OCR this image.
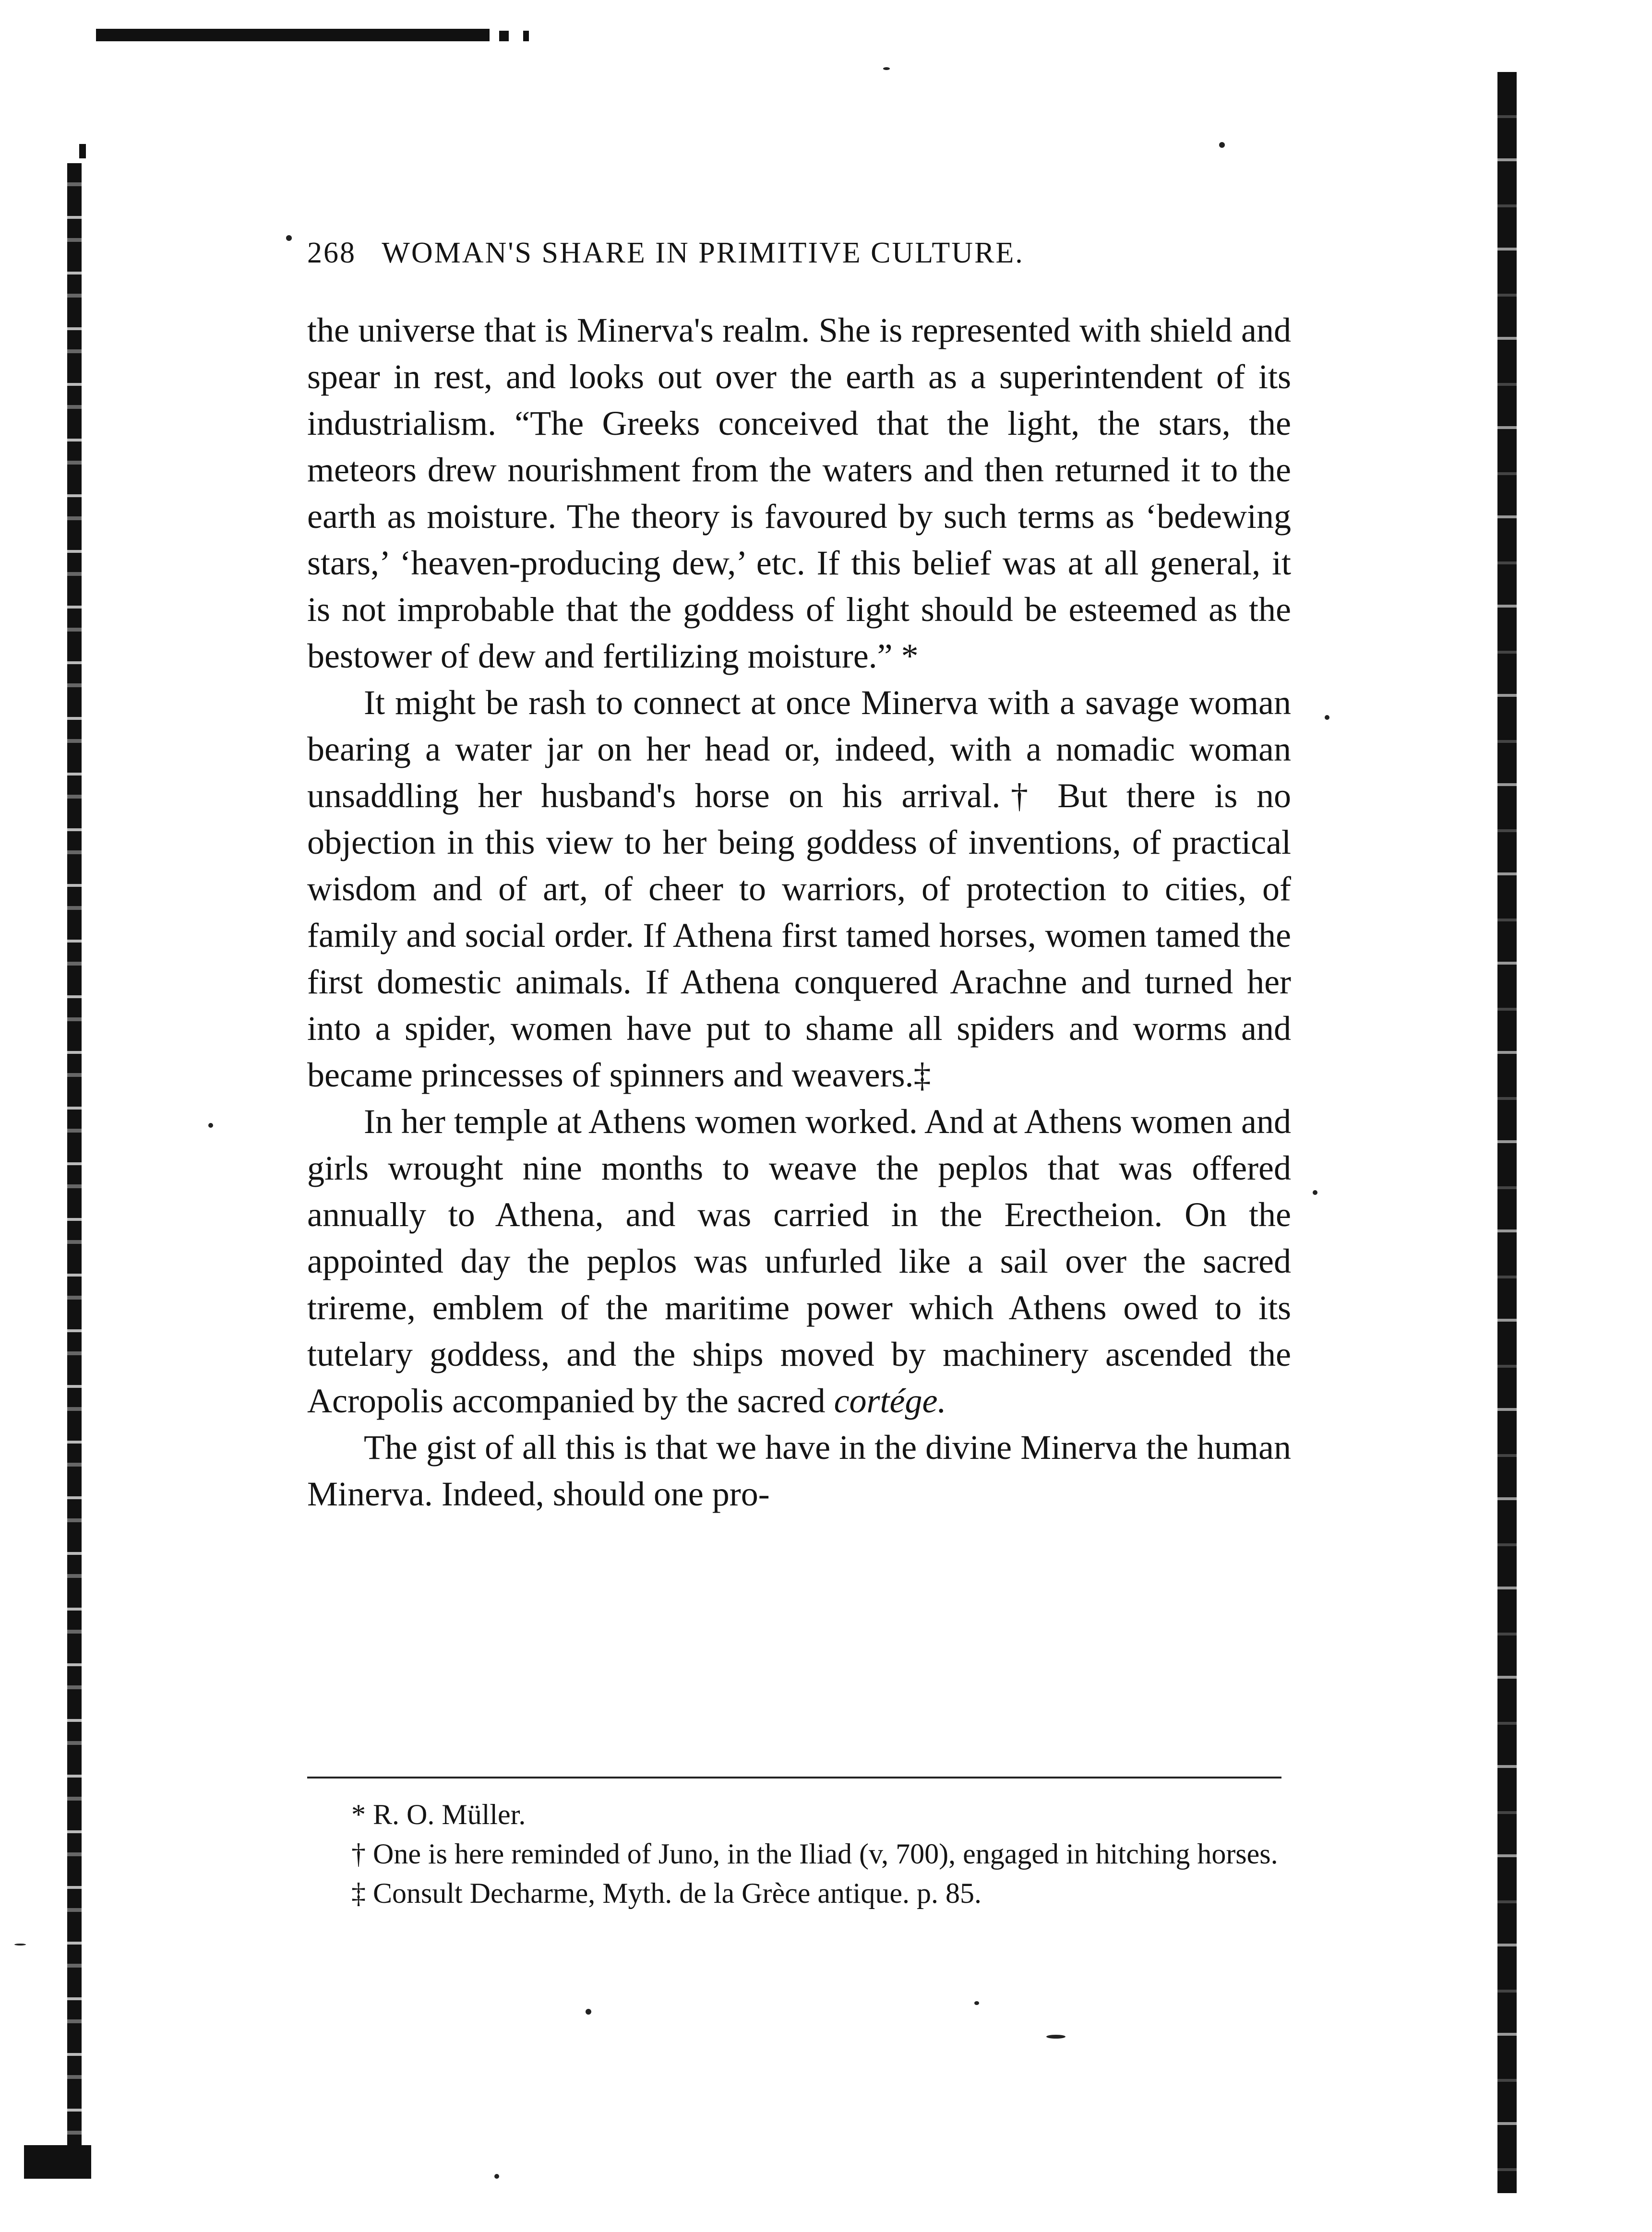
268 WOMAN'S SHARE IN PRIMITIVE CULTURE.

the universe that is Minerva's realm. She is represented with shield and spear in rest, and looks out over the earth as a superintendent of its industrialism. “The Greeks conceived that the light, the stars, the meteors drew nourishment from the waters and then returned it to the earth as moisture. The theory is favoured by such terms as ‘bedewing stars,’ ‘heaven-producing dew,’ etc. If this belief was at all general, it is not improbable that the goddess of light should be esteemed as the bestower of dew and fertilizing moisture.” *

It might be rash to connect at once Minerva with a savage woman bearing a water jar on her head or, indeed, with a nomadic woman unsaddling her husband's horse on his arrival.† But there is no objection in this view to her being goddess of inventions, of practical wisdom and of art, of cheer to warriors, of protection to cities, of family and social order. If Athena first tamed horses, women tamed the first domestic animals. If Athena conquered Arachne and turned her into a spider, women have put to shame all spiders and worms and became princesses of spinners and weavers.‡

In her temple at Athens women worked. And at Athens women and girls wrought nine months to weave the peplos that was offered annually to Athena, and was carried in the Erectheion. On the appointed day the peplos was unfurled like a sail over the sacred trireme, emblem of the maritime power which Athens owed to its tutelary goddess, and the ships moved by machinery ascended the Acropolis accompanied by the sacred cortége.

The gist of all this is that we have in the divine Minerva the human Minerva. Indeed, should one pro-

* R. O. Müller.

† One is here reminded of Juno, in the Iliad (v, 700), engaged in hitching horses.

‡ Consult Decharme, Myth. de la Grèce antique. p. 85.
